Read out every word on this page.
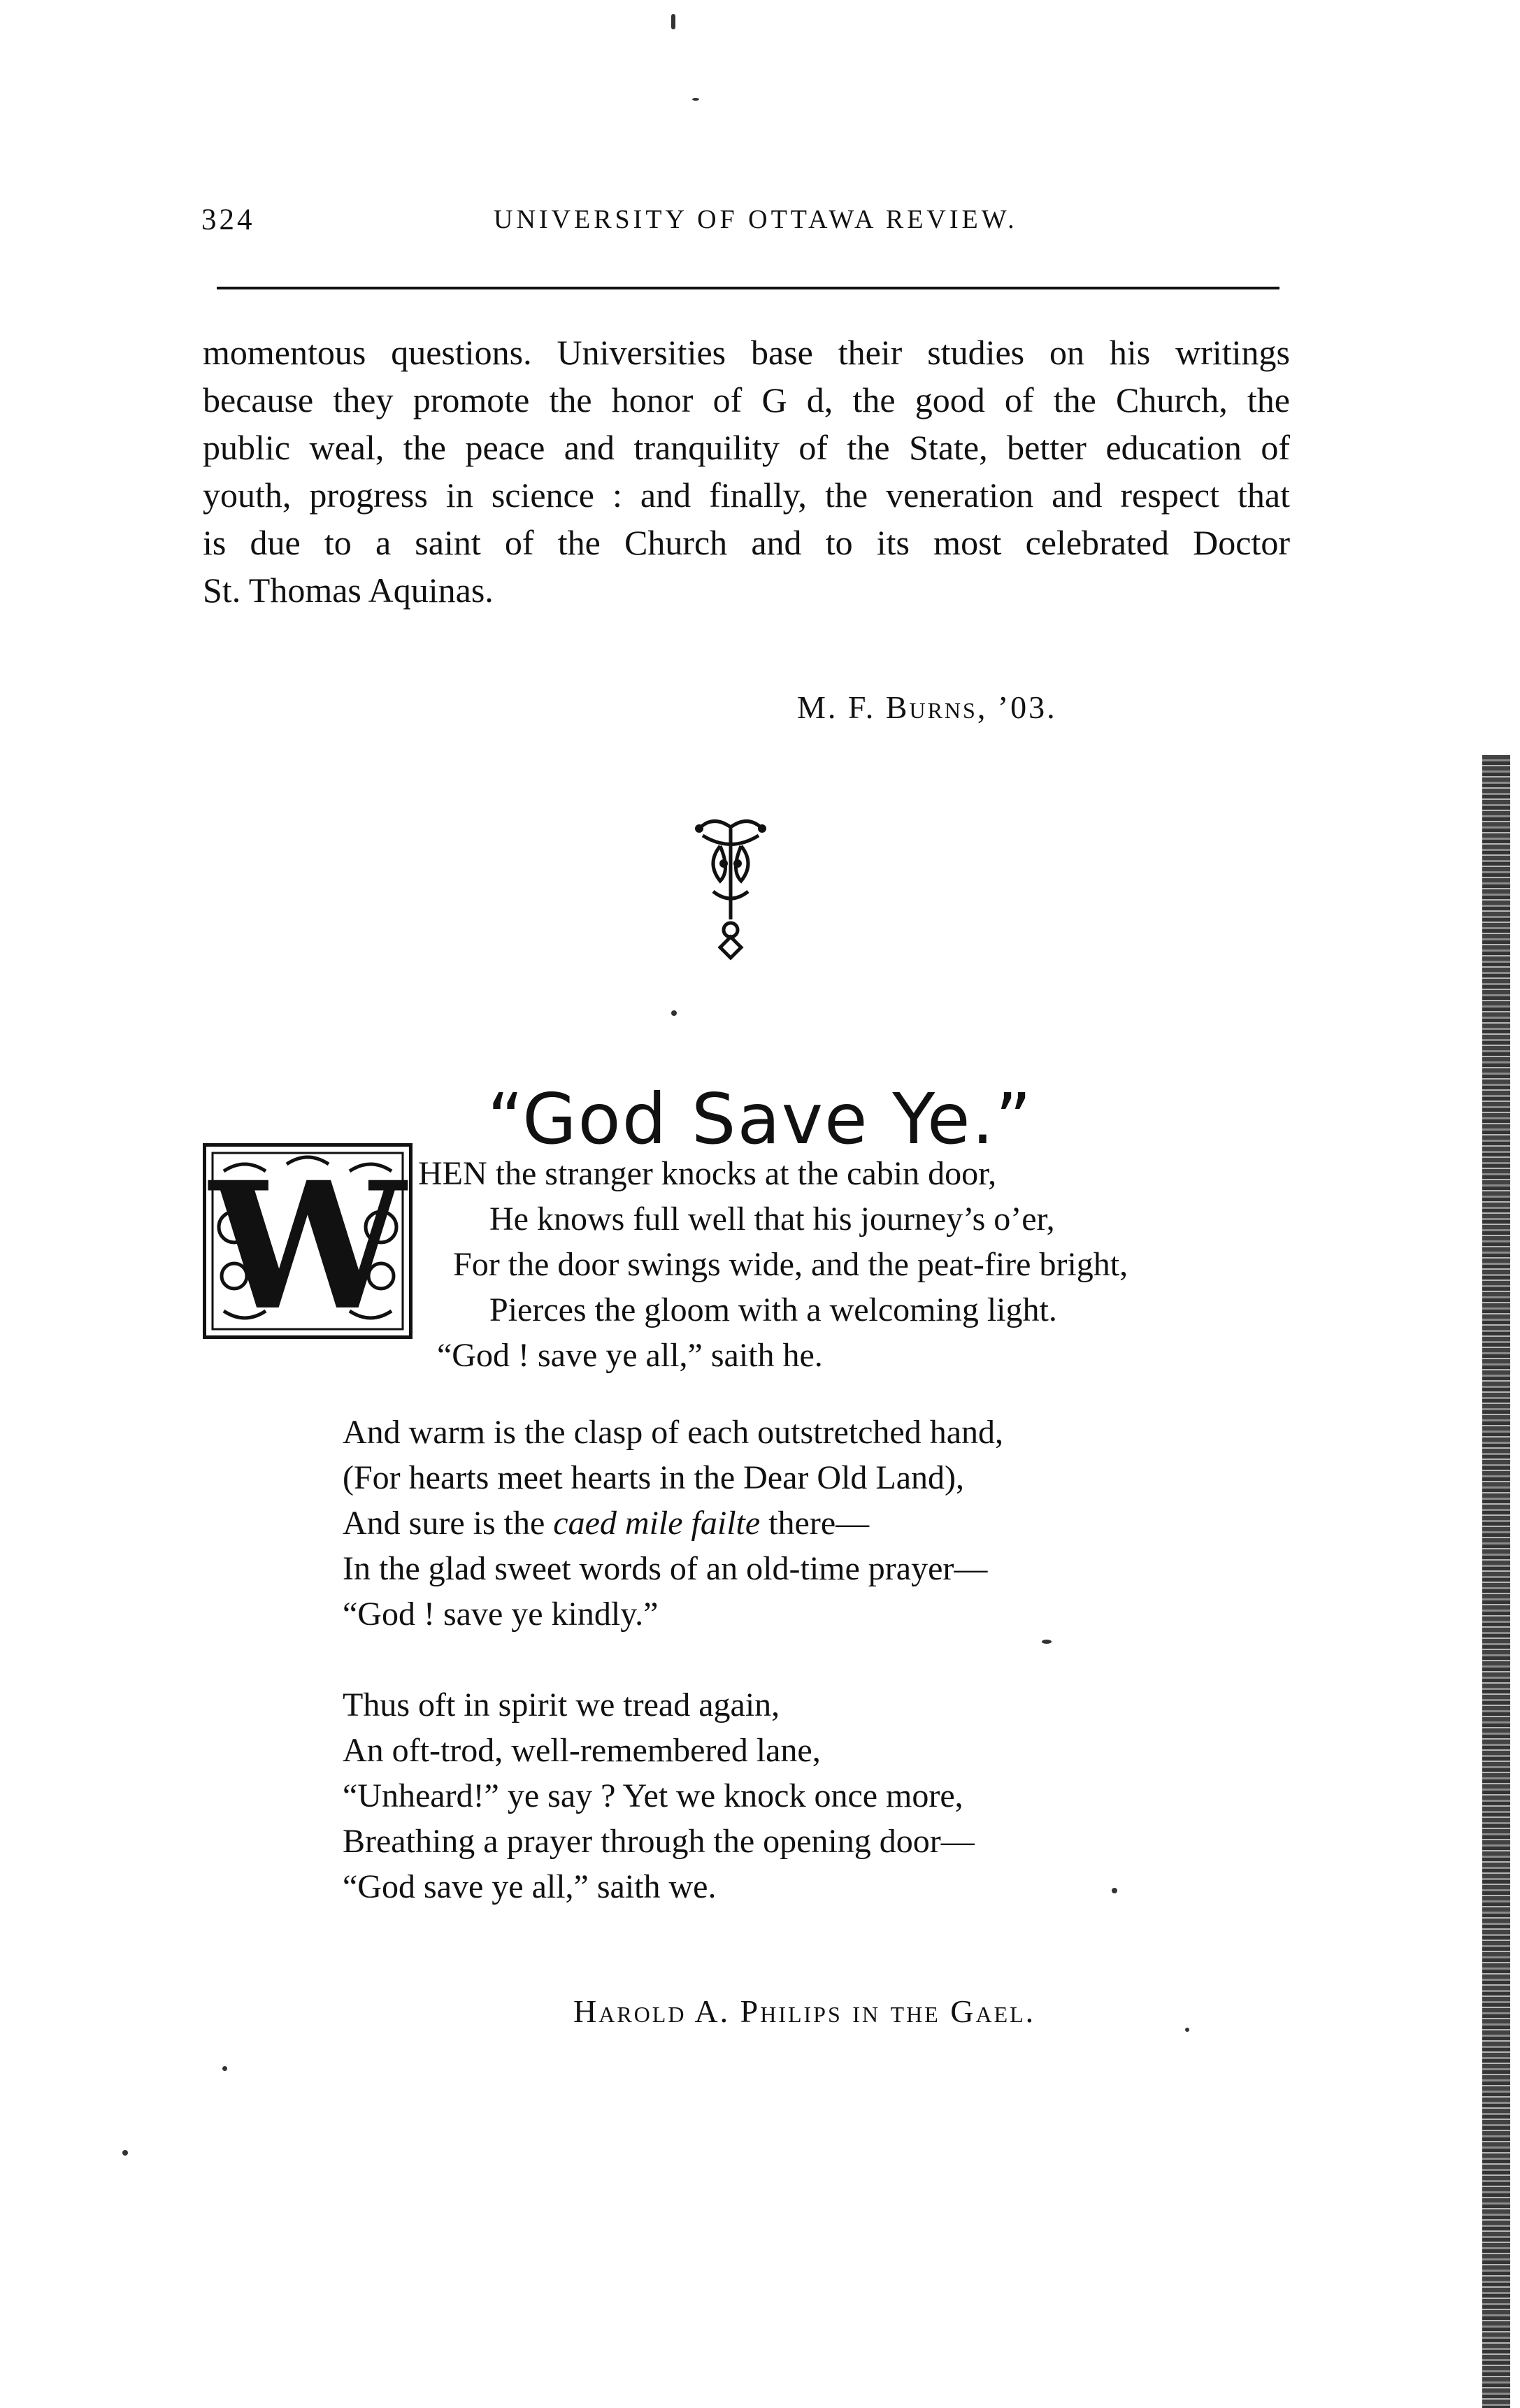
324	UNIVERSITY OF OTTAWA REVIEW.
momentous questions. Universities base their studies on his writings
because they promote the honor of G d, the good of the Church, the
public weal, the peace and tranquility of the State, better education of
youth, progress in science : and finally, the veneration and respect that
is due to a saint of the Church and to its most celebrated Doctor
St. Thomas Aquinas.
M. F. Burns, ’03.
“God Save Ye.”
W HEN the stranger knocks at the cabin door,
He knows full well that his journey’s o’er,
For the door swings wide, and the peat-fire bright,
Pierces the gloom with a welcoming light.
“God ! save ye all,” saith he.
And warm is the clasp of each outstretched hand,
(For hearts meet hearts in the Dear Old Land),
And sure is the caed mile failte there—
In the glad sweet words of an old-time prayer—
“God ! save ye kindly.”
Thus oft in spirit we tread again,
An oft-trod, well-remembered lane,
“Unheard!” ye say ? Yet we knock once more,
Breathing a prayer through the opening door—
“God save ye all,” saith we.
Harold A. Philips in the Gael.
